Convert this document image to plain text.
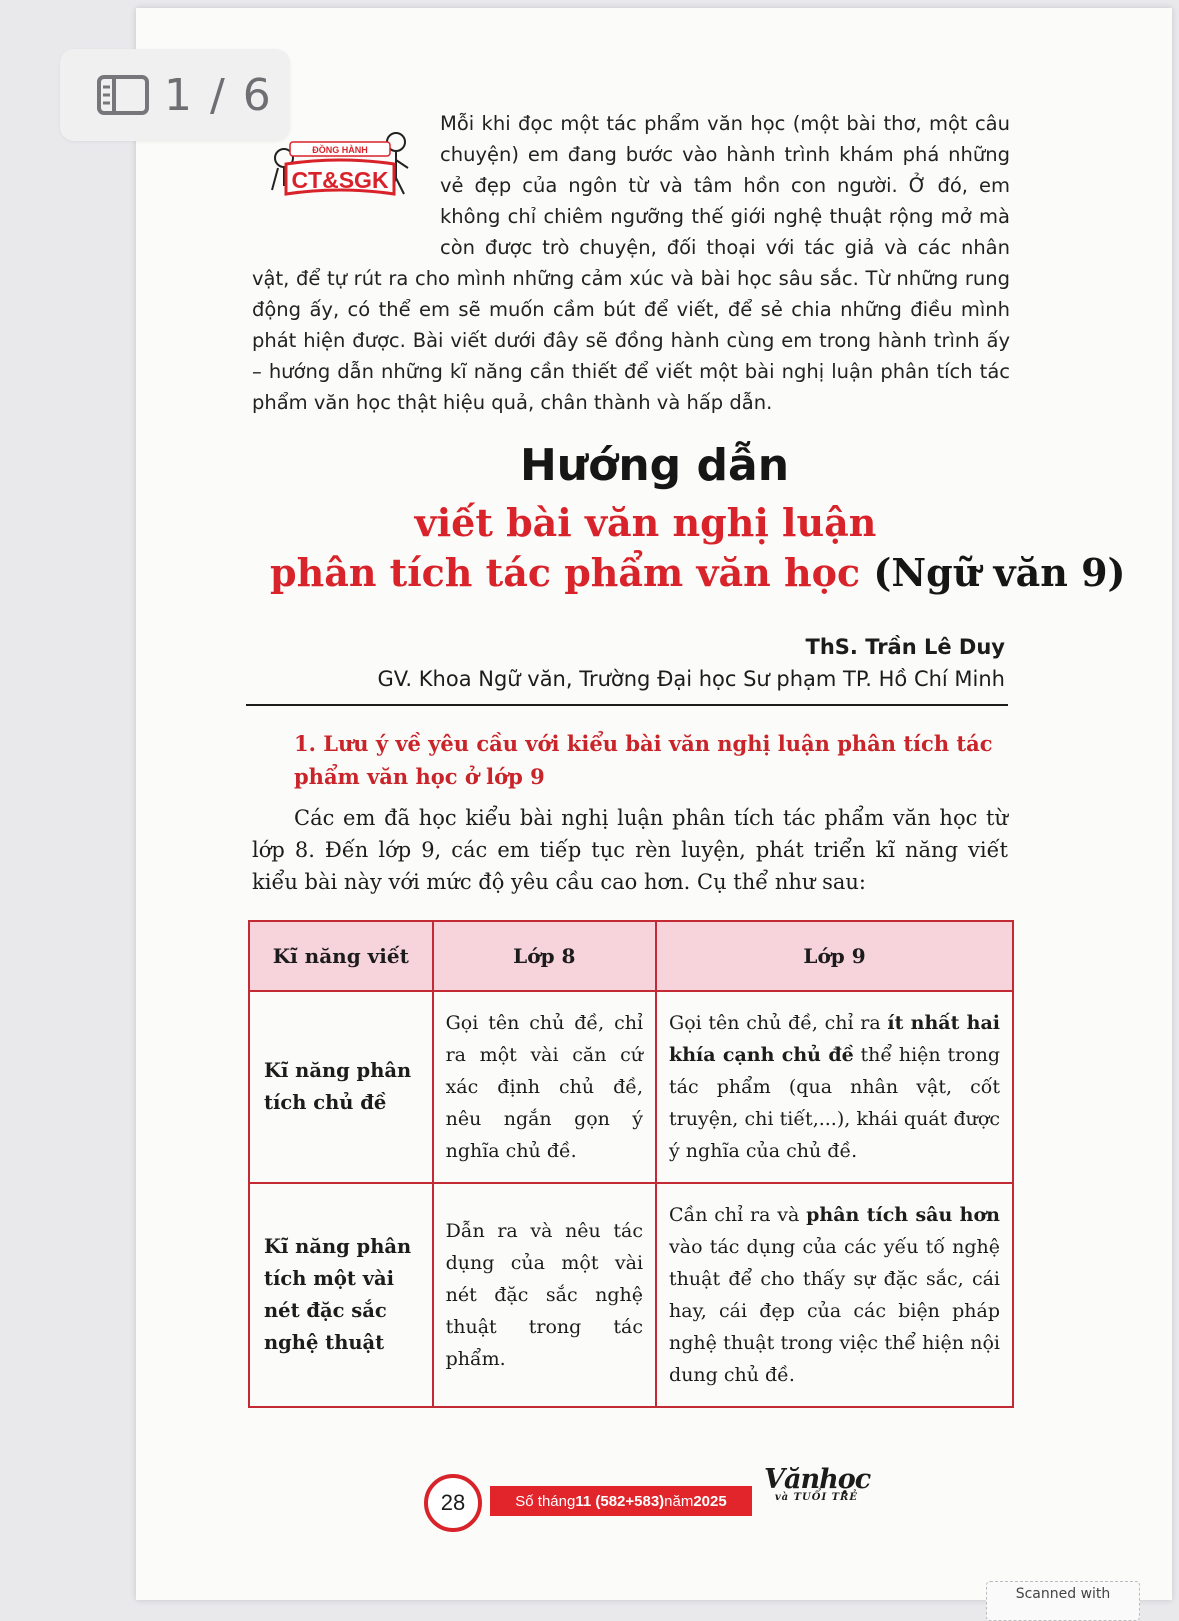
1 / 6
ĐỒNG HÀNH
CT&SGK
Mỗi khi đọc một tác phẩm văn học (một bài thơ, một câu chuyện) em đang bước vào hành trình khám phá những vẻ đẹp của ngôn từ và tâm hồn con người. Ở đó, em không chỉ chiêm ngưỡng thế giới nghệ thuật rộng mở mà còn được trò chuyện, đối thoại với tác giả và các nhân vật, để tự rút ra cho mình những cảm xúc và bài học sâu sắc. Từ những rung động ấy, có thể em sẽ muốn cầm bút để viết, để sẻ chia những điều mình phát hiện được. Bài viết dưới đây sẽ đồng hành cùng em trong hành trình ấy – hướng dẫn những kĩ năng cần thiết để viết một bài nghị luận phân tích tác phẩm văn học thật hiệu quả, chân thành và hấp dẫn.
Hướng dẫn
viết bài văn nghị luận
phân tích tác phẩm văn học (Ngữ văn 9)
ThS. Trần Lê Duy
GV. Khoa Ngữ văn, Trường Đại học Sư phạm TP. Hồ Chí Minh
1. Lưu ý về yêu cầu với kiểu bài văn nghị luận phân tích tác phẩm văn học ở lớp 9
Các em đã học kiểu bài nghị luận phân tích tác phẩm văn học từ lớp 8. Đến lớp 9, các em tiếp tục rèn luyện, phát triển kĩ năng viết kiểu bài này với mức độ yêu cầu cao hơn. Cụ thể như sau:
Kĩ năng viết	Lớp 8	Lớp 9
Kĩ năng phân tích chủ đề	Gọi tên chủ đề, chỉ ra một vài căn cứ xác định chủ đề, nêu ngắn gọn ý nghĩa chủ đề.	Gọi tên chủ đề, chỉ ra ít nhất hai khía cạnh chủ đề thể hiện trong tác phẩm (qua nhân vật, cốt truyện, chi tiết,...), khái quát được ý nghĩa của chủ đề.
Kĩ năng phân tích một vài nét đặc sắc nghệ thuật	Dẫn ra và nêu tác dụng của một vài nét đặc sắc nghệ thuật trong tác phẩm.	Cần chỉ ra và phân tích sâu hơn vào tác dụng của các yếu tố nghệ thuật để cho thấy sự đặc sắc, cái hay, cái đẹp của các biện pháp nghệ thuật trong việc thể hiện nội dung chủ đề.
28	Số tháng 11 (582+583) năm 2025
Vănhọc
và TUỔI TRẺ
Scanned with
